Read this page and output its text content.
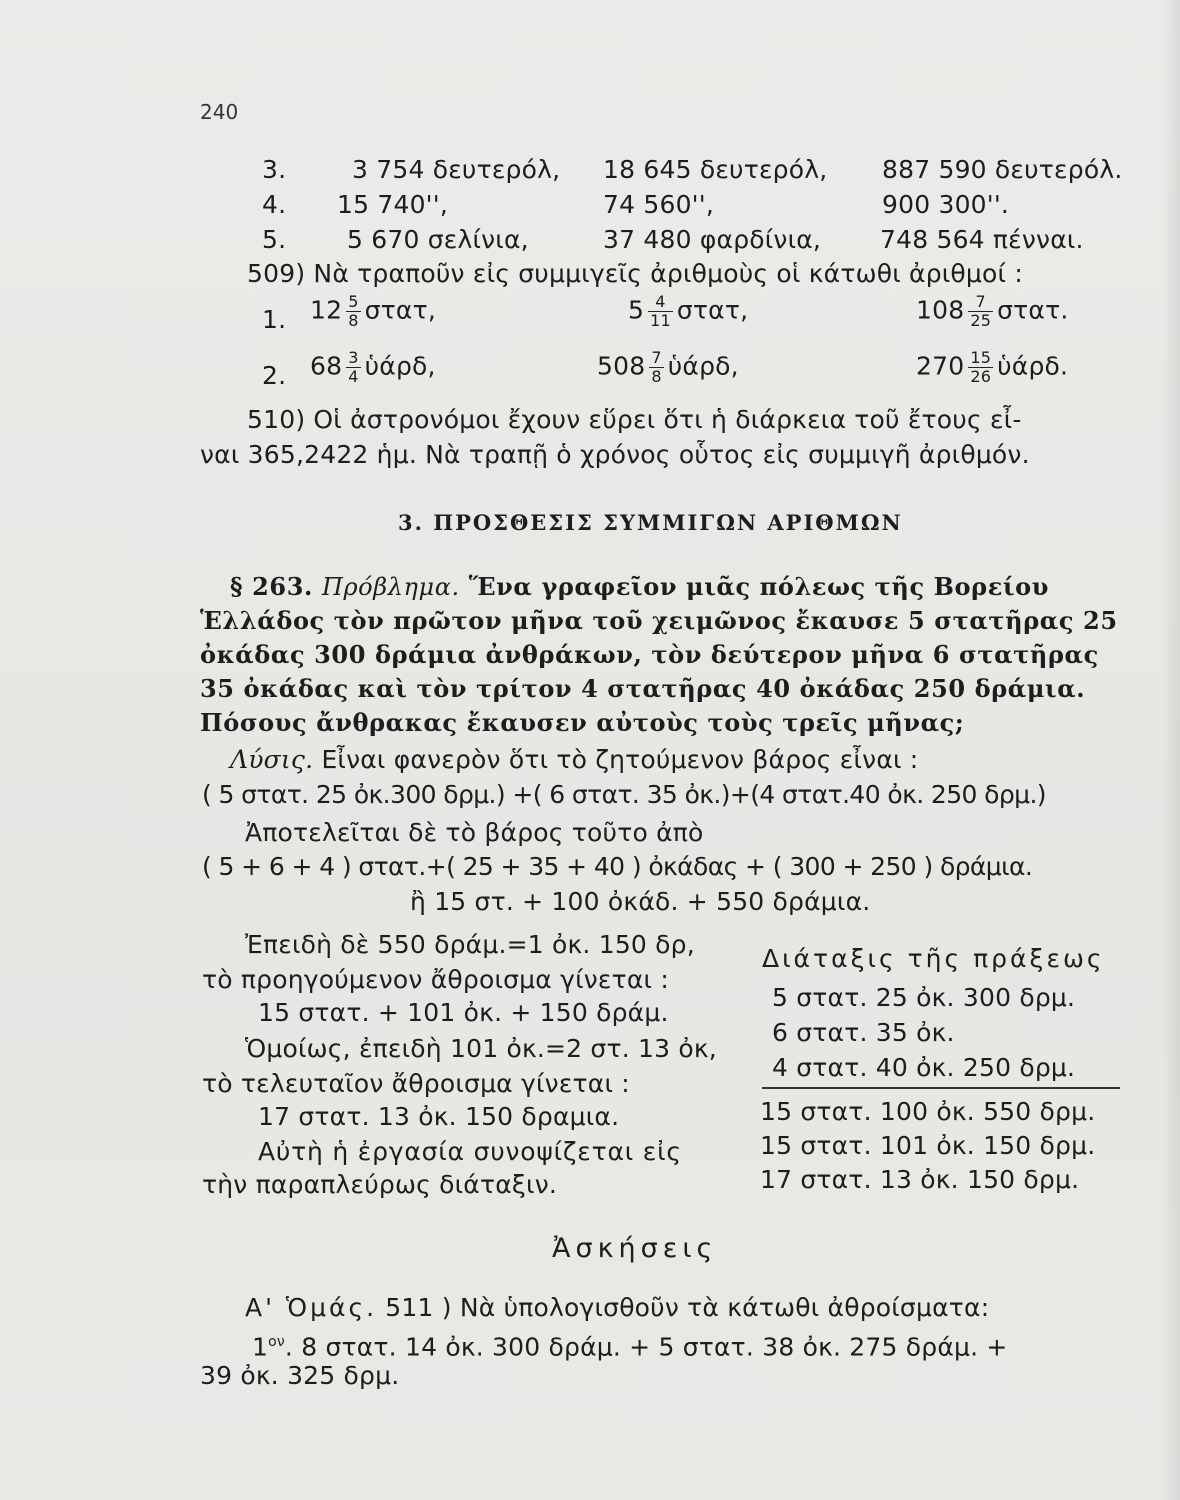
240
3.	3 754 δευτερόλ, 18 645 δευτερόλ, 887 590 δευτερόλ.
4. 15 740'',	74 560'',	900 300''.
5. 5 670 σελίνια,	37 480 φαρδίνια, 748 564 πένναι.
509) Νὰ τραποῦν εἰς συμμιγεῖς ἀριθμοὺς οἱ κάτωθι ἀριθμοί :
1. $12 \frac{5}{8} \sigma\tau\alpha\tau$,	$5 \frac{4}{11} \sigma\tau\alpha\tau$,	$108 \frac{7}{25} \sigma\tau\alpha\tau$.
2. $68 \frac{3}{4}$ ὑάρδ,	$508 \frac{7}{8}$ ὑάρδ,	$270 \frac{15}{26}$ ὑάρδ.
510) Οἱ ἀστρονόμοι ἔχουν εὕρει ὅτι ἡ διάρκεια τοῦ ἔτους εἶ-
ναι 365,2422 ἡμ. Νὰ τραπῇ ὁ χρόνος οὗτος εἰς συμμιγῆ ἀριθμόν.
3. ΠΡΟΣΘΕΣΙΣ ΣΥΜΜΙΓΩΝ ΑΡΙΘΜΩΝ
§ 263. Πρόβλημα. Ἕνα γραφεῖον μιᾶς πόλεως τῆς Βορείου
Ἑλλάδος τὸν πρῶτον μῆνα τοῦ χειμῶνος ἔκαυσε 5 στατῆρας 25
ὀκάδας 300 δράμια ἀνθράκων, τὸν δεύτερον μῆνα 6 στατῆρας
35 ὀκάδας καὶ τὸν τρίτον 4 στατῆρας 40 ὀκάδας 250 δράμια.
Πόσους ἄνθρακας ἔκαυσεν αὐτοὺς τοὺς τρεῖς μῆνας;
Λύσις. Εἶναι φανερὸν ὅτι τὸ ζητούμενον βάρος εἶναι :
( 5 στατ. 25 ὀκ.300 δρμ.) +( 6 στατ. 35 ὀκ.)+(4 στατ.40 ὀκ. 250 δρμ.)
Ἀποτελεῖται δὲ τὸ βάρος τοῦτο ἀπὸ
( 5 + 6 + 4 ) στατ.+( 25 + 35 + 40 ) ὀκάδας + ( 300 + 250 ) δράμια.
ἢ 15 στ. + 100 ὀκάδ. + 550 δράμια.
Ἐπειδὴ δὲ 550 δράμ.=1 ὀκ. 150 δρ,
τὸ προηγούμενον ἄθροισμα γίνεται :
15 στατ. + 101 ὀκ. + 150 δράμ.
Ὁμοίως, ἐπειδὴ 101 ὀκ.=2 στ. 13 ὀκ,
τὸ τελευταῖον ἄθροισμα γίνεται :
17 στατ. 13 ὀκ. 150 δραμια.
Αὐτὴ ἡ ἐργασία συνοψίζεται εἰς
τὴν παραπλεύρως διάταξιν.
Διάταξις τῆς πράξεως
5 στατ. 25 ὀκ. 300 δρμ.
6 στατ. 35 ὀκ.
4 στατ. 40 ὀκ. 250 δρμ.
15 στατ. 100 ὀκ. 550 δρμ.
15 στατ. 101 ὀκ. 150 δρμ.
17 στατ. 13 ὀκ. 150 δρμ.
Ἀσκήσεις
Α' Ὁμάς. 511 ) Νὰ ὑπολογισθοῦν τὰ κάτωθι ἀθροίσματα:
$1^{o\nu}$. 8 στατ. 14 ὀκ. 300 δράμ. + 5 στατ. 38 ὀκ. 275 δράμ. +
39 ὀκ. 325 δρμ.
